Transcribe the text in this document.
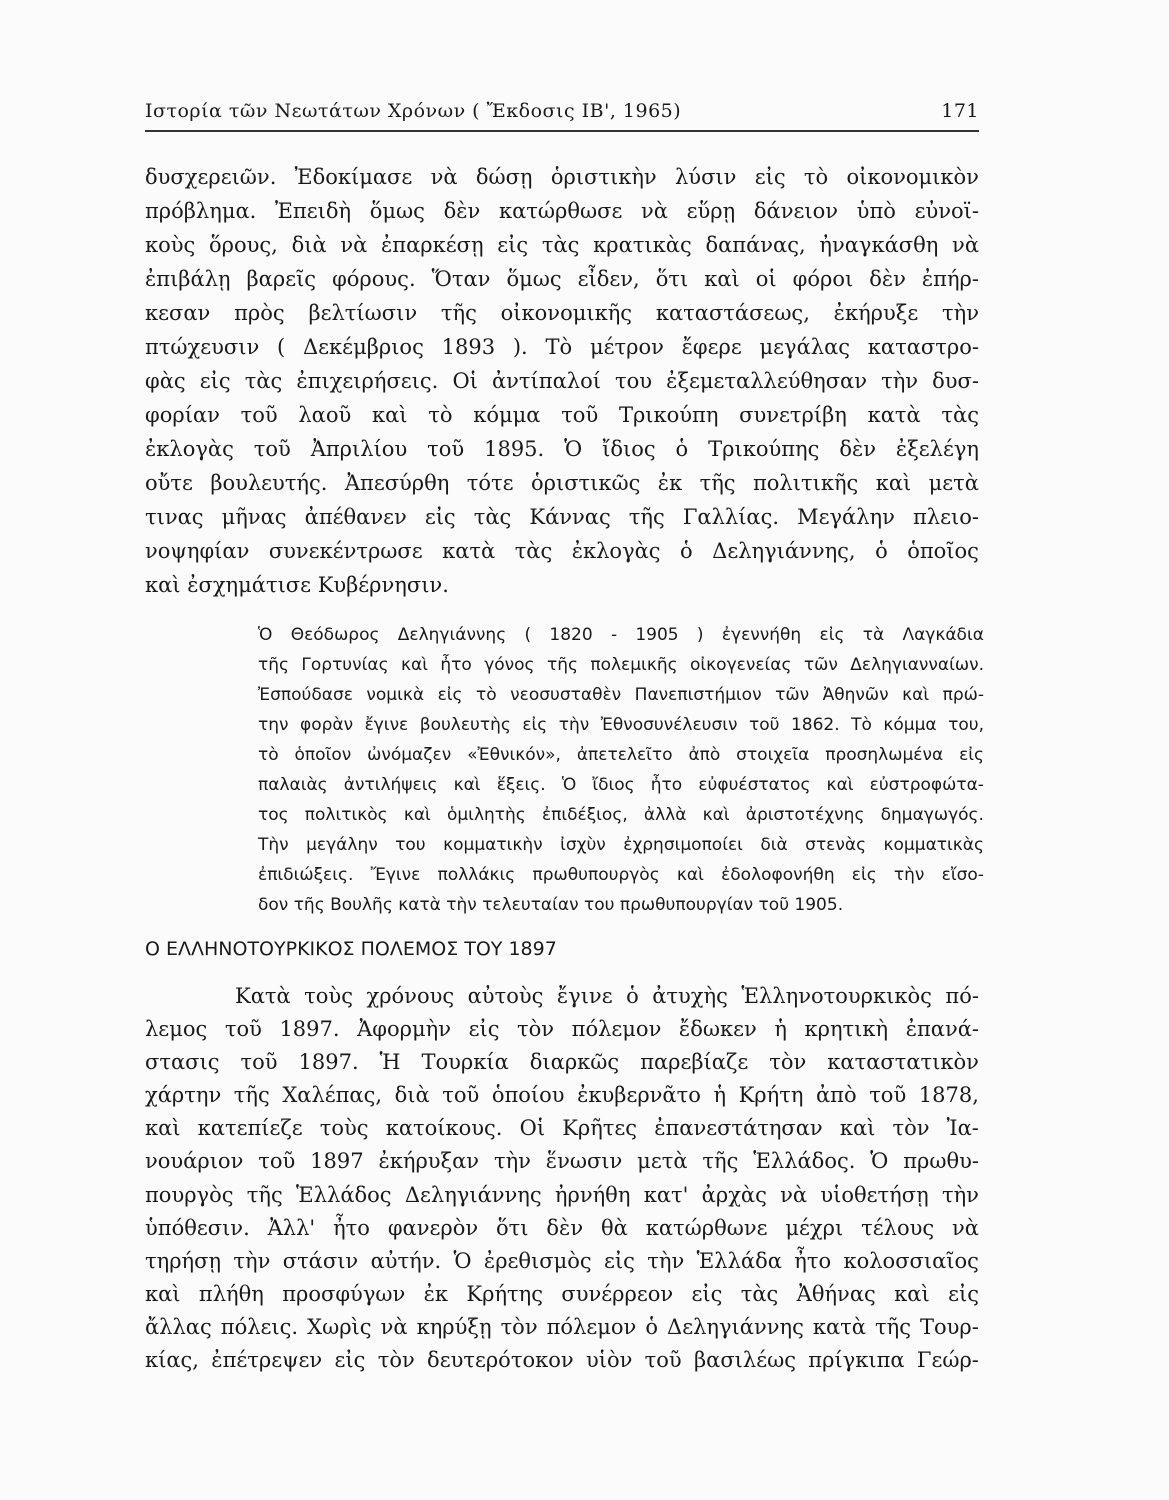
Ιστορία τῶν Νεωτάτων Χρόνων ( Ἔκδοσις ΙΒ', 1965)	171
δυσχερειῶν. Ἐδοκίμασε νὰ δώσῃ ὁριστικὴν λύσιν εἰς τὸ οἰκονομικὸν
πρόβλημα. Ἐπειδὴ ὅμως δὲν κατώρθωσε νὰ εὕρῃ δάνειον ὑπὸ εὐνοϊ-
κοὺς ὅρους, διὰ νὰ ἐπαρκέσῃ εἰς τὰς κρατικὰς δαπάνας, ἠναγκάσθη νὰ
ἐπιβάλῃ βαρεῖς φόρους. Ὅταν ὅμως εἶδεν, ὅτι καὶ οἱ φόροι δὲν ἐπήρ-
κεσαν πρὸς βελτίωσιν τῆς οἰκονομικῆς καταστάσεως, ἐκήρυξε τὴν
πτώχευσιν ( Δεκέμβριος 1893 ). Τὸ μέτρον ἔφερε μεγάλας καταστρο-
φὰς εἰς τὰς ἐπιχειρήσεις. Οἱ ἀντίπαλοί του ἐξεμεταλλεύθησαν τὴν δυσ-
φορίαν τοῦ λαοῦ καὶ τὸ κόμμα τοῦ Τρικούπη συνετρίβη κατὰ τὰς
ἐκλογὰς τοῦ Ἀπριλίου τοῦ 1895. Ὁ ἴδιος ὁ Τρικούπης δὲν ἐξελέγη
οὔτε βουλευτής. Ἀπεσύρθη τότε ὁριστικῶς ἐκ τῆς πολιτικῆς καὶ μετὰ
τινας μῆνας ἀπέθανεν εἰς τὰς Κάννας τῆς Γαλλίας. Μεγάλην πλειο-
νοψηφίαν συνεκέντρωσε κατὰ τὰς ἐκλογὰς ὁ Δεληγιάννης, ὁ ὁποῖος
καὶ ἐσχημάτισε Κυβέρνησιν.
Ὁ Θεόδωρος Δεληγιάννης ( 1820 - 1905 ) ἐγεννήθη εἰς τὰ Λαγκάδια
τῆς Γορτυνίας καὶ ἦτο γόνος τῆς πολεμικῆς οἰκογενείας τῶν Δεληγιανναίων.
Ἐσπούδασε νομικὰ εἰς τὸ νεοσυσταθὲν Πανεπιστήμιον τῶν Ἀθηνῶν καὶ πρώ-
την φορὰν ἔγινε βουλευτὴς εἰς τὴν Ἐθνοσυνέλευσιν τοῦ 1862. Τὸ κόμμα του,
τὸ ὁποῖον ὠνόμαζεν «Ἐθνικόν», ἀπετελεῖτο ἀπὸ στοιχεῖα προσηλωμένα εἰς
παλαιὰς ἀντιλήψεις καὶ ἕξεις. Ὁ ἴδιος ἦτο εὐφυέστατος καὶ εὐστροφώτα-
τος πολιτικὸς καὶ ὁμιλητὴς ἐπιδέξιος, ἀλλὰ καὶ ἀριστοτέχνης δημαγωγός.
Τὴν μεγάλην του κομματικὴν ἰσχὺν ἐχρησιμοποίει διὰ στενὰς κομματικὰς
ἐπιδιώξεις. Ἔγινε πολλάκις πρωθυπουργὸς καὶ ἐδολοφονήθη εἰς τὴν εἴσο-
δον τῆς Βουλῆς κατὰ τὴν τελευταίαν του πρωθυπουργίαν τοῦ 1905.
Ο ΕΛΛΗΝΟΤΟΥΡΚΙΚΟΣ ΠΟΛΕΜΟΣ ΤΟΥ 1897
Κατὰ τοὺς χρόνους αὐτοὺς ἔγινε ὁ ἀτυχὴς Ἑλληνοτουρκικὸς πό-
λεμος τοῦ 1897. Ἀφορμὴν εἰς τὸν πόλεμον ἔδωκεν ἡ κρητικὴ ἐπανά-
στασις τοῦ 1897. Ἡ Τουρκία διαρκῶς παρεβίαζε τὸν καταστατικὸν
χάρτην τῆς Χαλέπας, διὰ τοῦ ὁποίου ἐκυβερνᾶτο ἡ Κρήτη ἀπὸ τοῦ 1878,
καὶ κατεπίεζε τοὺς κατοίκους. Οἱ Κρῆτες ἐπανεστάτησαν καὶ τὸν Ἰα-
νουάριον τοῦ 1897 ἐκήρυξαν τὴν ἕνωσιν μετὰ τῆς Ἑλλάδος. Ὁ πρωθυ-
πουργὸς τῆς Ἑλλάδος Δεληγιάννης ἠρνήθη κατ' ἀρχὰς νὰ υἱοθετήσῃ τὴν
ὑπόθεσιν. Ἀλλ' ἦτο φανερὸν ὅτι δὲν θὰ κατώρθωνε μέχρι τέλους νὰ
τηρήσῃ τὴν στάσιν αὐτήν. Ὁ ἐρεθισμὸς εἰς τὴν Ἑλλάδα ἦτο κολοσσιαῖος
καὶ πλήθη προσφύγων ἐκ Κρήτης συνέρρεον εἰς τὰς Ἀθήνας καὶ εἰς
ἄλλας πόλεις. Χωρὶς νὰ κηρύξῃ τὸν πόλεμον ὁ Δεληγιάννης κατὰ τῆς Τουρ-
κίας, ἐπέτρεψεν εἰς τὸν δευτερότοκον υἱὸν τοῦ βασιλέως πρίγκιπα Γεώρ-
